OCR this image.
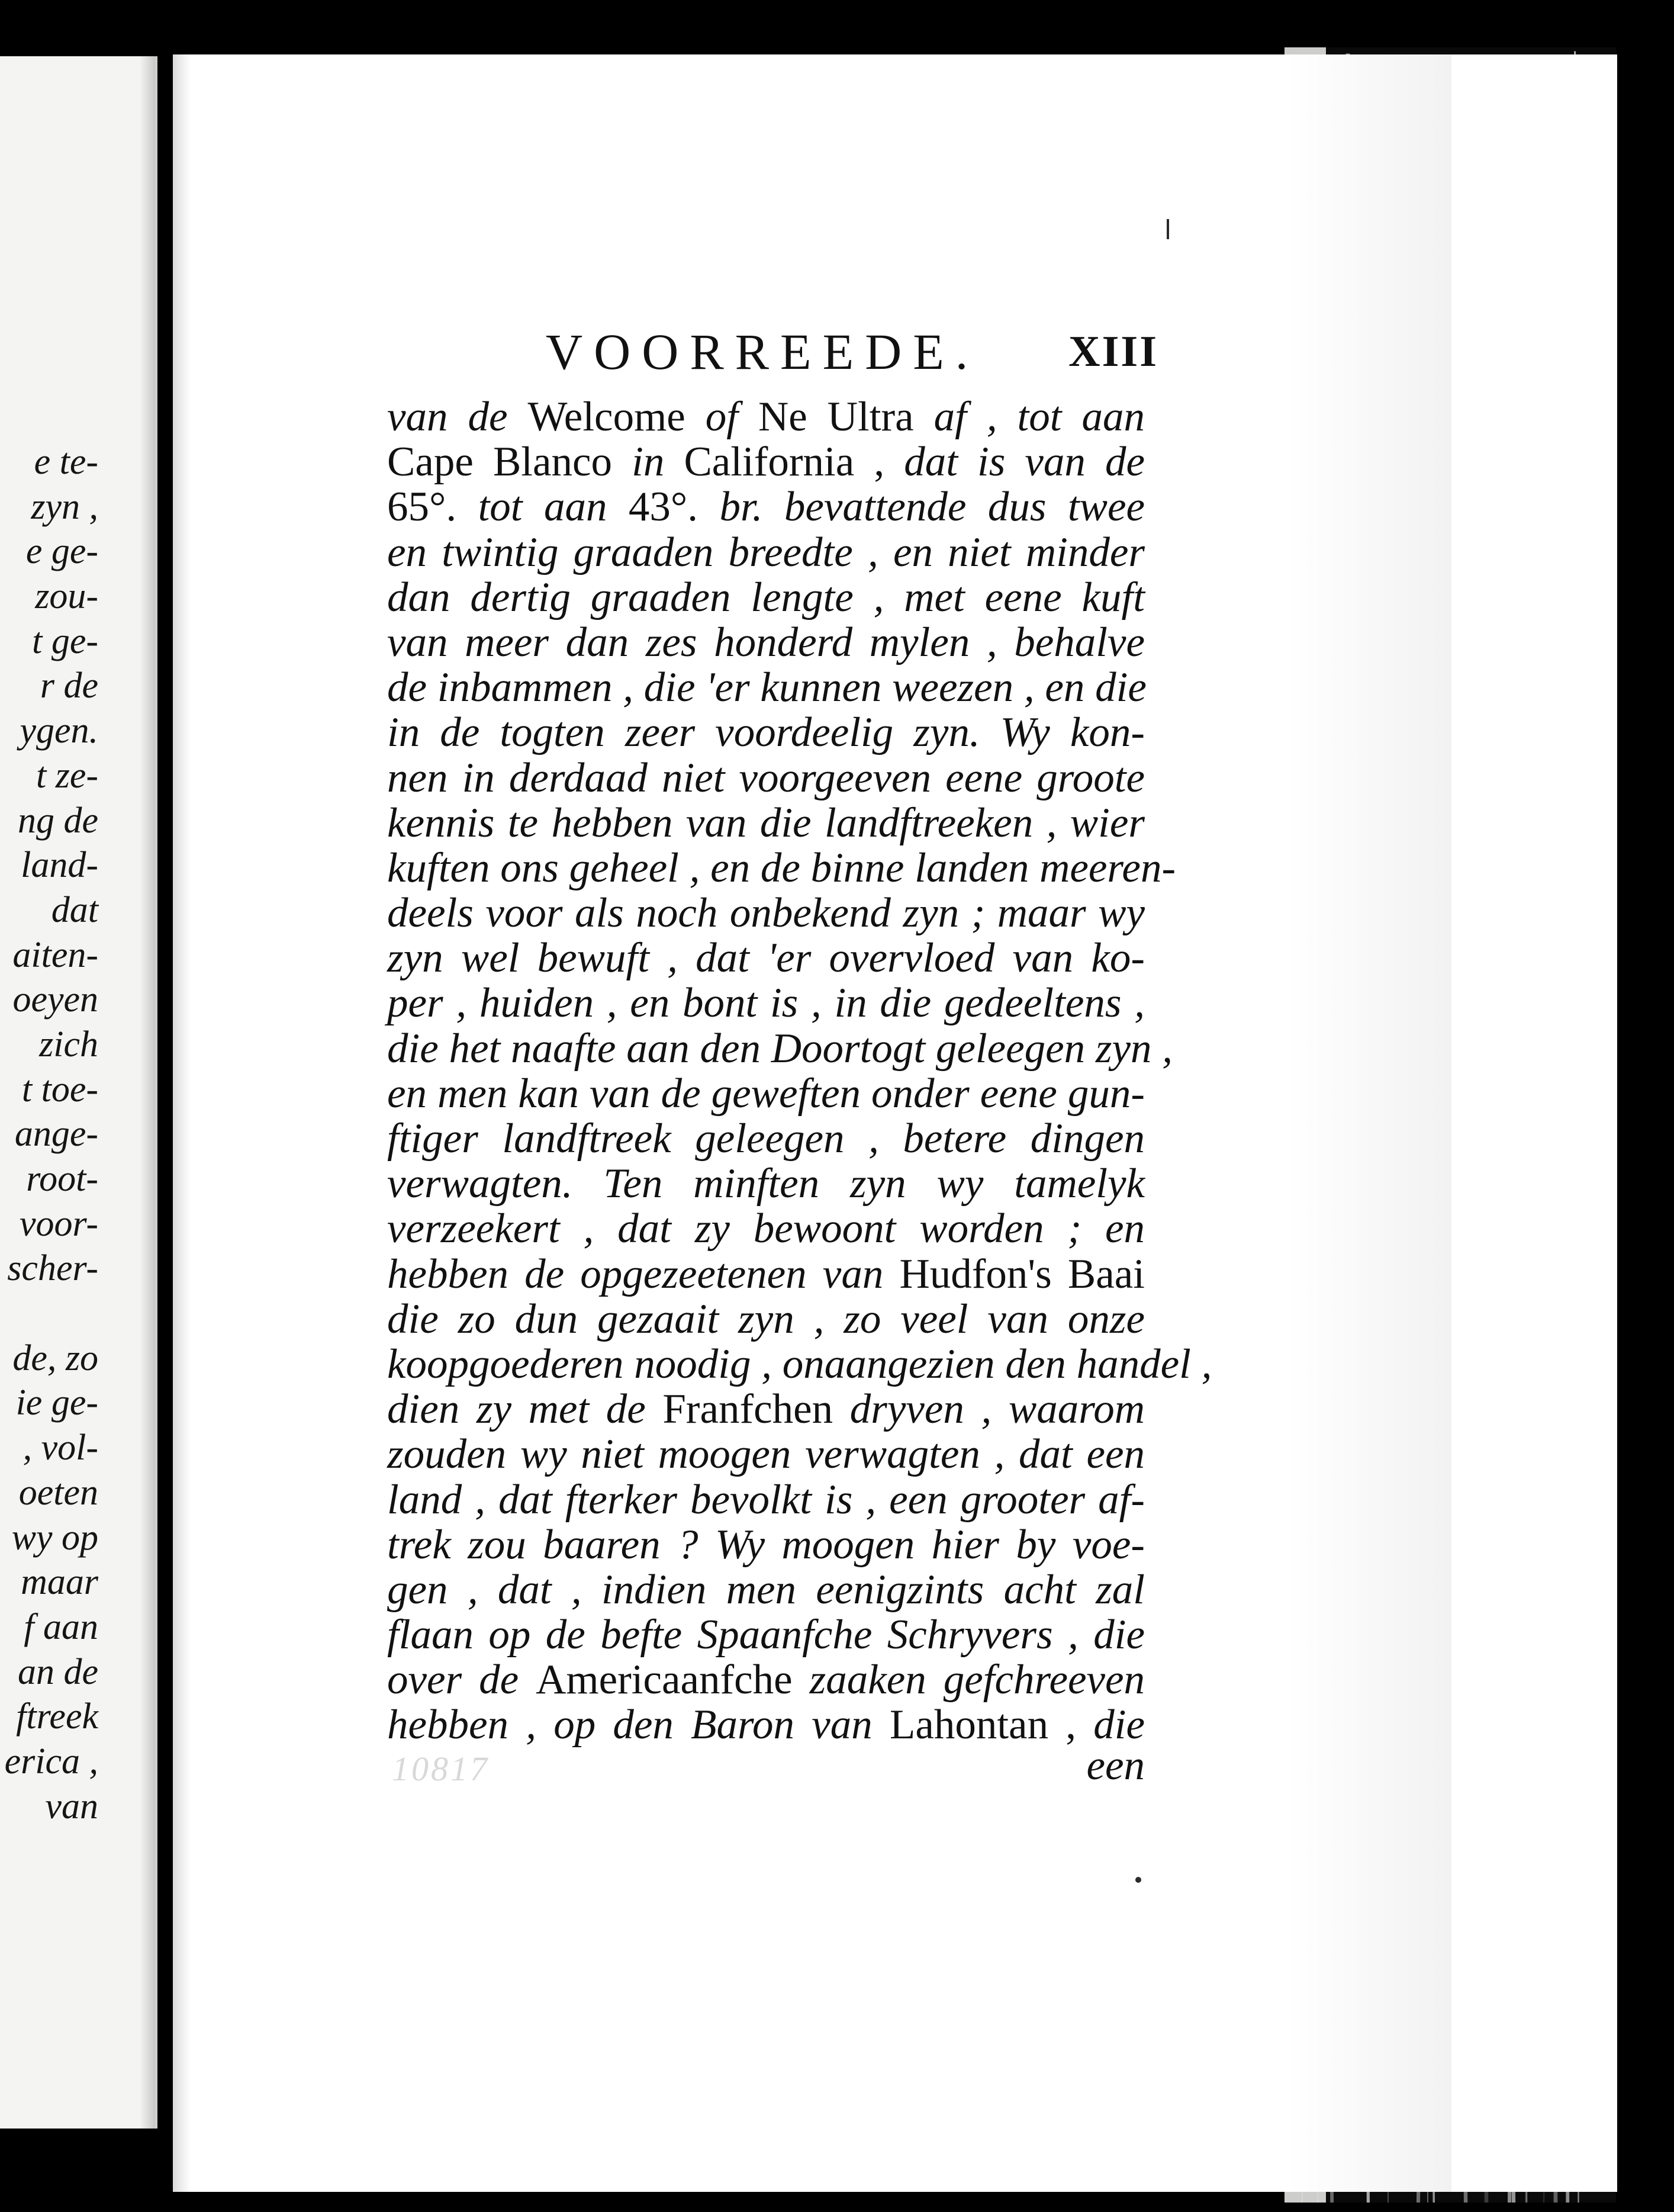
e te-
zyn ,
e ge-
zou-
t ge-
r de
ygen.
t ze-
ng de
land-
dat
aiten-
oeyen
zich
t toe-
ange-
root-
voor-
scher-
de, zo
ie ge-
, vol-
oeten
wy op
maar
f aan
an de
ftreek
erica ,
van
VOORREEDE. XIII
van de Welcome of Ne Ultra af , tot aan
Cape Blanco in California , dat is van de
65°. tot aan 43°. br. bevattende dus twee
en twintig graaden breedte , en niet minder
dan dertig graaden lengte , met eene kuft
van meer dan zes honderd mylen , behalve
de inbammen , die 'er kunnen weezen , en die
in de togten zeer voordeelig zyn. Wy kon-
nen in derdaad niet voorgeeven eene groote
kennis te hebben van die landftreeken , wier
kuften ons geheel , en de binne landen meeren-
deels voor als noch onbekend zyn ; maar wy
zyn wel bewuft , dat 'er overvloed van ko-
per , huiden , en bont is , in die gedeeltens ,
die het naafte aan den Doortogt geleegen zyn ,
en men kan van de geweften onder eene gun-
ftiger landftreek geleegen , betere dingen
verwagten. Ten minften zyn wy tamelyk
verzeekert , dat zy bewoont worden ; en
hebben de opgezeetenen van Hudfon's Baai
die zo dun gezaait zyn , zo veel van onze
koopgoederen noodig , onaangezien den handel ,
dien zy met de Franfchen dryven , waarom
zouden wy niet moogen verwagten , dat een
land , dat fterker bevolkt is , een grooter af-
trek zou baaren ? Wy moogen hier by voe-
gen , dat , indien men eenigzints acht zal
flaan op de befte Spaanfche Schryvers , die
over de Americaanfche zaaken gefchreeven
hebben , op den Baron van Lahontan , die
een
10817
